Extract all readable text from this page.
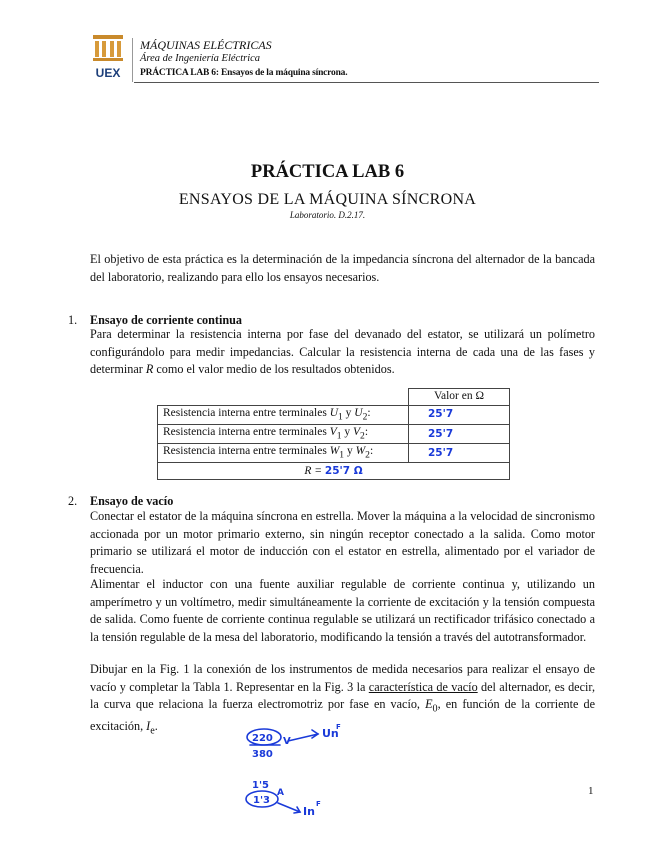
UEX
MÁQUINAS ELÉCTRICAS
Área de Ingeniería Eléctrica
PRÁCTICA LAB 6: Ensayos de la máquina síncrona.
PRÁCTICA LAB 6
ENSAYOS DE LA MÁQUINA SÍNCRONA
Laboratorio. D.2.17.
El objetivo de esta práctica es la determinación de la impedancia síncrona del alternador de la bancada del laboratorio, realizando para ello los ensayos necesarios.
1. Ensayo de corriente continua
Para determinar la resistencia interna por fase del devanado del estator, se utilizará un polímetro configurándolo para medir impedancias. Calcular la resistencia interna de cada una de las fases y determinar R como el valor medio de los resultados obtenidos.
	Valor en Ω
Resistencia interna entre terminales $U_1$ y $U_2$:	25'7
Resistencia interna entre terminales $V_1$ y $V_2$:	25'7
Resistencia interna entre terminales $W_1$ y $W_2$:	25'7
R = 25'7 Ω	
2. Ensayo de vacío
Conectar el estator de la máquina síncrona en estrella. Mover la máquina a la velocidad de sincronismo accionada por un motor primario externo, sin ningún receptor conectado a la salida. Como motor primario se utilizará el motor de inducción con el estator en estrella, alimentado por el variador de frecuencia.
Alimentar el inductor con una fuente auxiliar regulable de corriente continua y, utilizando un amperímetro y un voltímetro, medir simultáneamente la corriente de excitación y la tensión compuesta de salida. Como fuente de corriente continua regulable se utilizará un rectificador trifásico conectado a la tensión regulable de la mesa del laboratorio, modificando la tensión a través del autotransformador.
Dibujar en la Fig. 1 la conexión de los instrumentos de medida necesarios para realizar el ensayo de vacío y completar la Tabla 1. Representar en la Fig. 3 la característica de vacío del alternador, es decir, la curva que relaciona la fuerza electromotriz por fase en vacío, $E_0$, en función de la corriente de excitación, $I_e$.
220
380
V
Un
F
1'5
1'3
A
In
F
1
